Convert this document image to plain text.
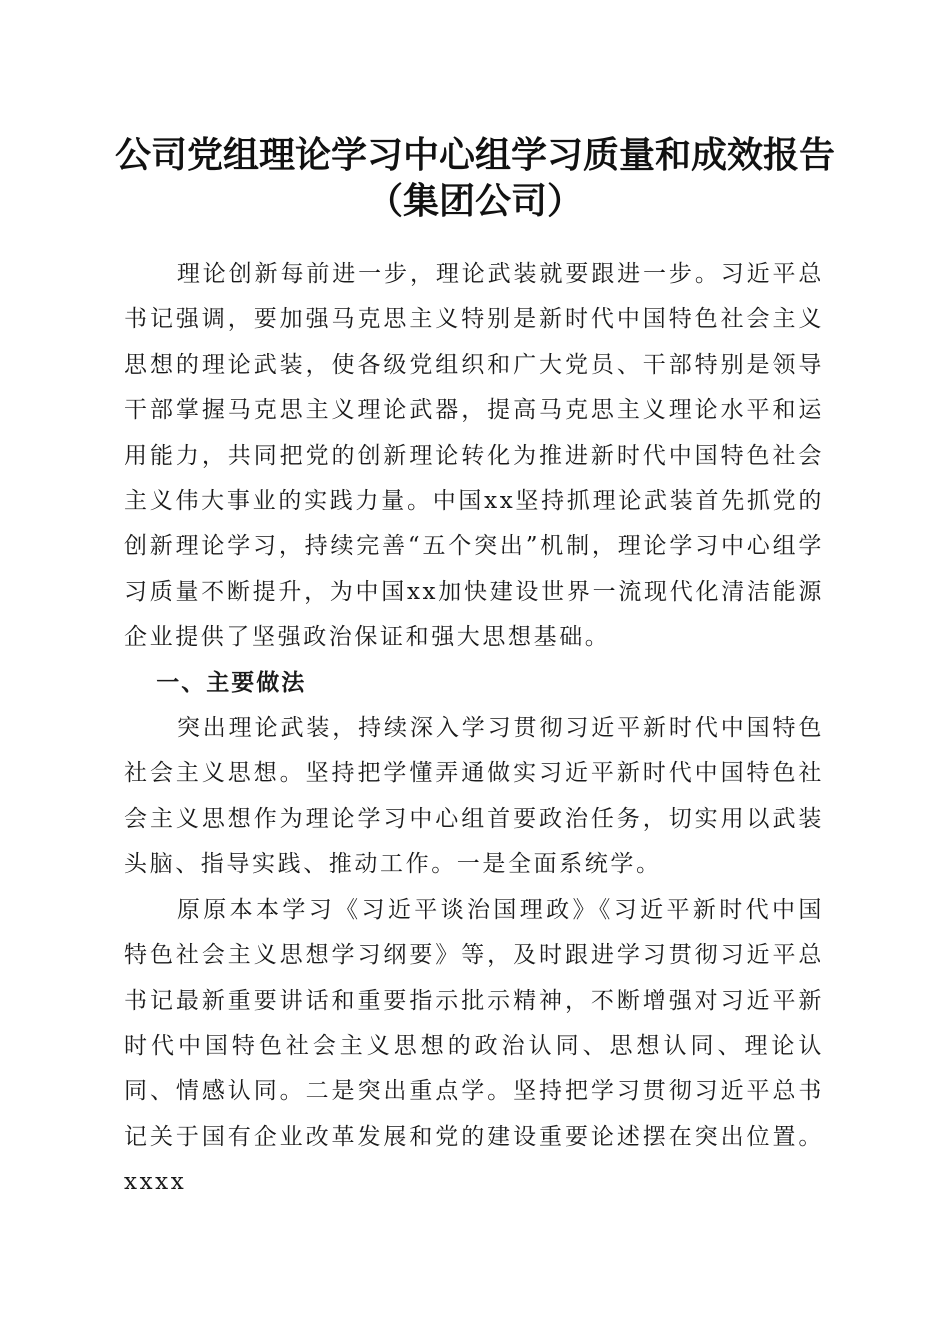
公司党组理论学习中心组学习质量和成效报告
（集团公司）

理论创新每前进一步，理论武装就要跟进一步。习近平总书记强调，要加强马克思主义特别是新时代中国特色社会主义思想的理论武装，使各级党组织和广大党员、干部特别是领导干部掌握马克思主义理论武器，提高马克思主义理论水平和运用能力，共同把党的创新理论转化为推进新时代中国特色社会主义伟大事业的实践力量。中国xx坚持抓理论武装首先抓党的创新理论学习，持续完善“五个突出”机制，理论学习中心组学习质量不断提升，为中国xx加快建设世界一流现代化清洁能源企业提供了坚强政治保证和强大思想基础。

一、主要做法

突出理论武装，持续深入学习贯彻习近平新时代中国特色社会主义思想。坚持把学懂弄通做实习近平新时代中国特色社会主义思想作为理论学习中心组首要政治任务，切实用以武装头脑、指导实践、推动工作。一是全面系统学。

原原本本学习《习近平谈治国理政》《习近平新时代中国特色社会主义思想学习纲要》等，及时跟进学习贯彻习近平总书记最新重要讲话和重要指示批示精神，不断增强对习近平新时代中国特色社会主义思想的政治认同、思想认同、理论认同、情感认同。二是突出重点学。坚持把学习贯彻习近平总书记关于国有企业改革发展和党的建设重要论述摆在突出位置。xxxx
